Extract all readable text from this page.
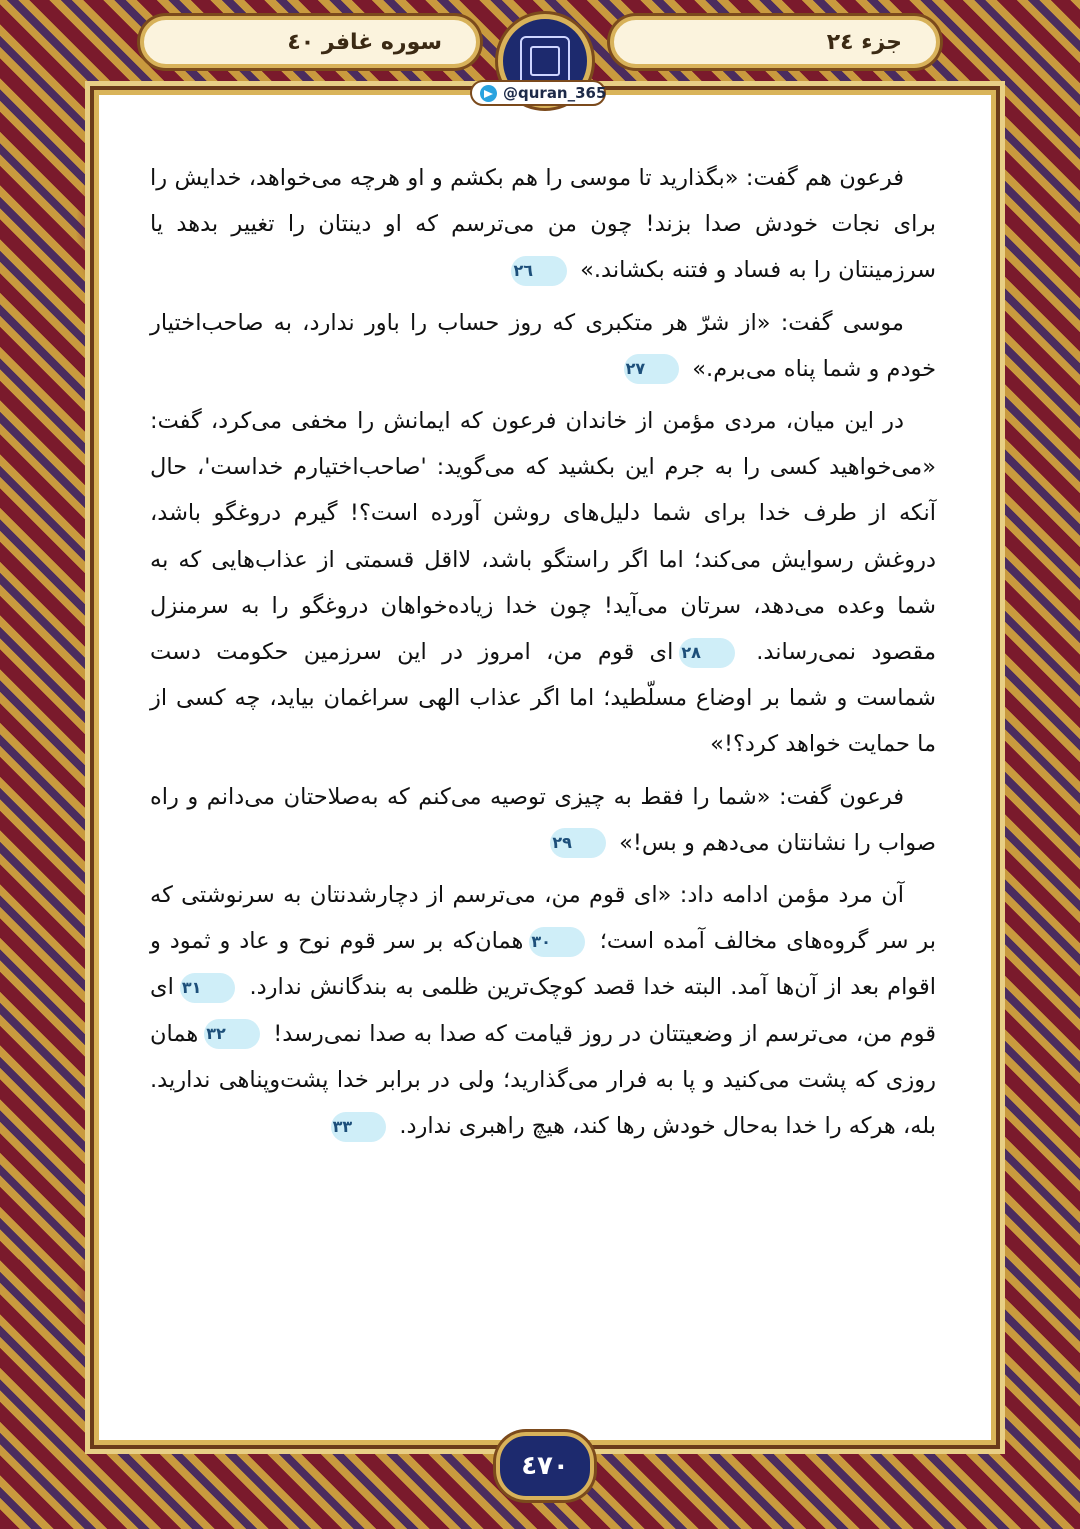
سوره غافر ٤٠	جزء ٢٤
@quran_365

فرعون هم گفت: «بگذارید تا موسی را هم بکشم و او هرچه می‌خواهد، خدایش را برای نجات خودش صدا بزند! چون من می‌ترسم که او دینتان را تغییر بدهد یا سرزمینتان را به فساد و فتنه بکشاند.» ٢٦

موسی گفت: «از شرّ هر متکبری که روز حساب را باور ندارد، به صاحب‌اختیار خودم و شما پناه می‌برم.» ٢٧

در این میان، مردی مؤمن از خاندان فرعون که ایمانش را مخفی می‌کرد، گفت: «می‌خواهید کسی را به جرم این بکشید که می‌گوید: 'صاحب‌اختیارم خداست'، حال آنکه از طرف خدا برای شما دلیل‌های روشن آورده است؟! گیرم دروغگو باشد، دروغش رسوایش می‌کند؛ اما اگر راستگو باشد، لااقل قسمتی از عذاب‌هایی که به شما وعده می‌دهد، سرتان می‌آید! چون خدا زیاده‌خواهان دروغگو را به سرمنزل مقصود نمی‌رساند. ٢٨ای قوم من، امروز در این سرزمین حکومت دست شماست و شما بر اوضاع مسلّطید؛ اما اگر عذاب الهی سراغمان بیاید، چه کسی از ما حمایت خواهد کرد؟!»

فرعون گفت: «شما را فقط به چیزی توصیه می‌کنم که به‌صلاحتان می‌دانم و راه صواب را نشانتان می‌دهم و بس!» ٢٩

آن مرد مؤمن ادامه داد: «ای قوم من، می‌ترسم از دچارشدنتان به سرنوشتی که بر سر گروه‌های مخالف آمده است؛ ٣٠همان‌که بر سر قوم نوح و عاد و ثمود و اقوام بعد از آن‌ها آمد. البته خدا قصد کوچک‌ترین ظلمی به بندگانش ندارد. ٣١ای قوم من، می‌ترسم از وضعیتتان در روز قیامت که صدا به صدا نمی‌رسد! ٣٢همان روزی که پشت می‌کنید و پا به فرار می‌گذارید؛ ولی در برابر خدا پشت‌وپناهی ندارید. بله، هرکه را خدا به‌حال خودش رها کند، هیچ راهبری ندارد. ٣٣

٤٧٠
